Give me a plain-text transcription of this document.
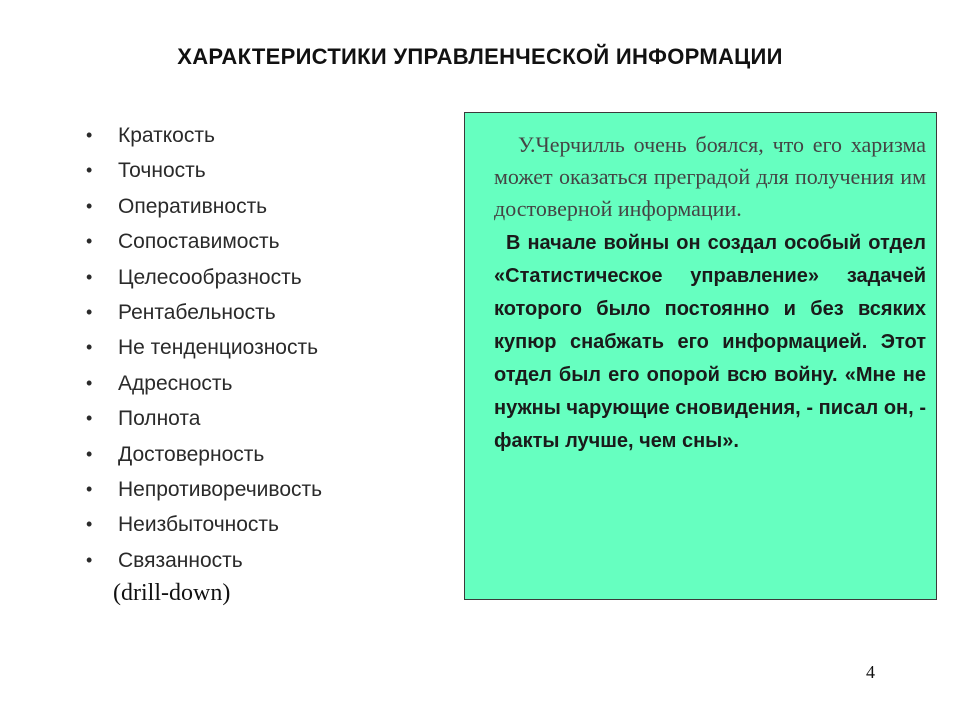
ХАРАКТЕРИСТИКИ УПРАВЛЕНЧЕСКОЙ ИНФОРМАЦИИ
• Краткость
• Точность
• Оперативность
• Сопоставимость
• Целесообразность
• Рентабельность
• Не тенденциозность
• Адресность
• Полнота
• Достоверность
• Непротиворечивость
• Неизбыточность
• Связанность
(drill-down)

У.Черчилль очень боялся, что его харизма может оказаться преградой для получения им достоверной информации.

В начале войны он создал особый отдел «Статистическое управление» задачей которого было постоянно и без всяких купюр снабжать его информацией. Этот отдел был его опорой всю войну. «Мне не нужны чарующие сновидения, - писал он, - факты лучше, чем сны».

4
